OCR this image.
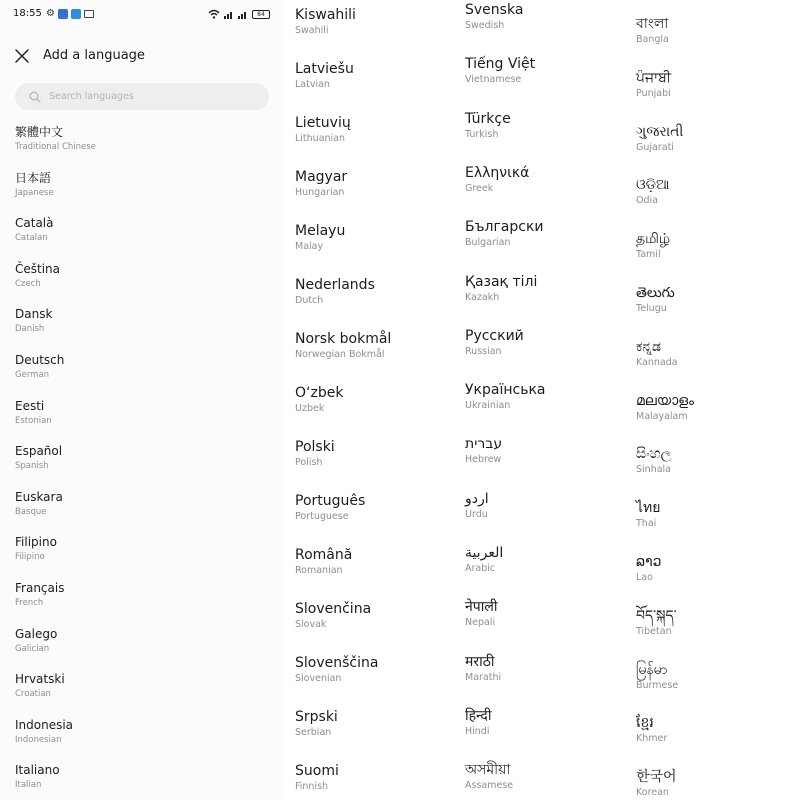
18:55 ⚙	84
Add a language
Search languages
繁體中文
Traditional Chinese
日本語
Japanese
Català
Catalan
Čeština
Czech
Dansk
Danish
Deutsch
German
Eesti
Estonian
Español
Spanish
Euskara
Basque
Filipino
Filipino
Français
French
Galego
Galician
Hrvatski
Croatian
Indonesia
Indonesian
Italiano
Italian
Kiswahili
Swahili
Latviešu
Latvian
Lietuvių
Lithuanian
Magyar
Hungarian
Melayu
Malay
Nederlands
Dutch
Norsk bokmål
Norwegian Bokmål
O‘zbek
Uzbek
Polski
Polish
Português
Portuguese
Română
Romanian
Slovenčina
Slovak
Slovenščina
Slovenian
Srpski
Serbian
Suomi
Finnish
Svenska
Swedish
Tiếng Việt
Vietnamese
Türkçe
Turkish
Ελληνικά
Greek
Български
Bulgarian
Қазақ тілі
Kazakh
Русский
Russian
Українська
Ukrainian
עברית
Hebrew
اردو
Urdu
العربية
Arabic
नेपाली
Nepali
मराठी
Marathi
हिन्दी
Hindi
অসমীয়া
Assamese
বাংলা
Bangla
ਪੰਜਾਬੀ
Punjabi
ગુજરાતી
Gujarati
ଓଡ଼ିଆ
Odia
தமிழ்
Tamil
తెలుగు
Telugu
ಕನ್ನಡ
Kannada
മലയാളം
Malayalam
සිංහල
Sinhala
ไทย
Thai
ລາວ
Lao
བོད་སྐད་
Tibetan
မြန်မာ
Burmese
ខ្មែរ
Khmer
한국어
Korean
